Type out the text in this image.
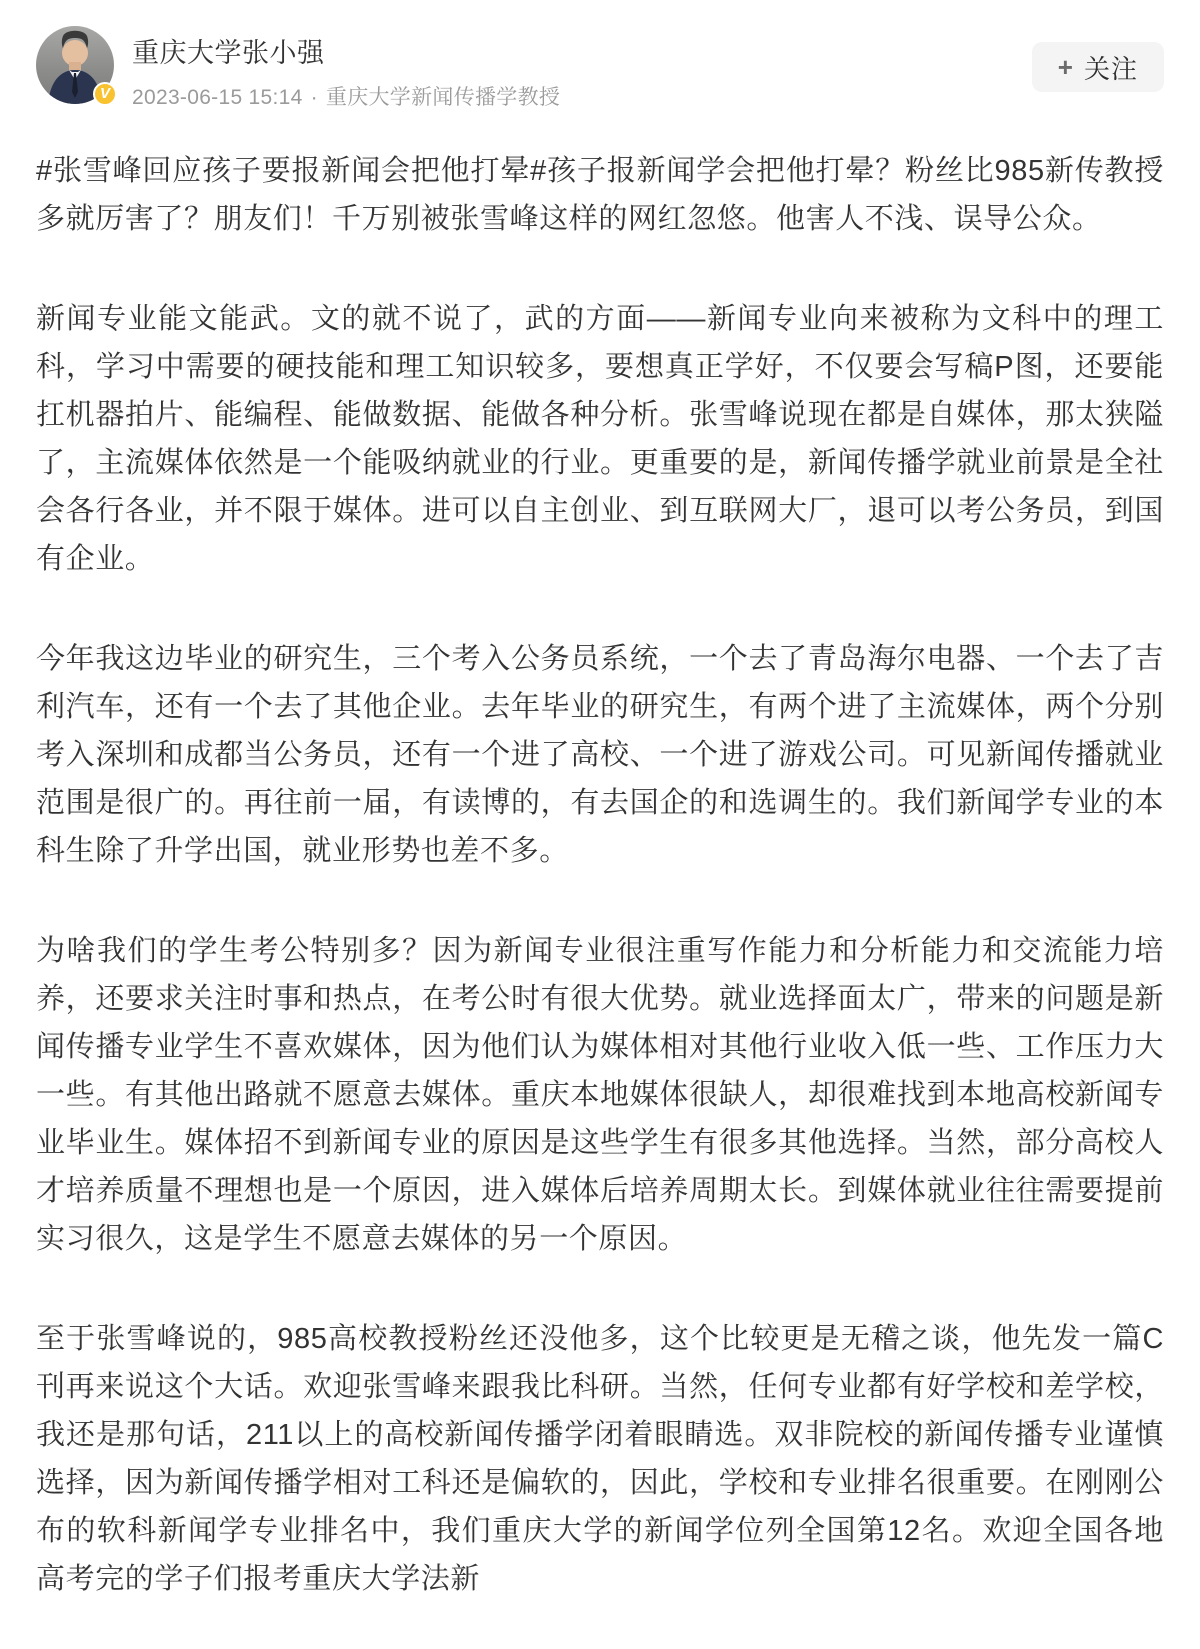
V
重庆大学张小强
2023-06-15 15:14 · 重庆大学新闻传播学教授
+ 关注

#张雪峰回应孩子要报新闻会把他打晕#孩子报新闻学会把他打晕？粉丝比985新传教授多就厉害了？朋友们！千万别被张雪峰这样的网红忽悠。他害人不浅、误导公众。

新闻专业能文能武。文的就不说了，武的方面——新闻专业向来被称为文科中的理工科，学习中需要的硬技能和理工知识较多，要想真正学好，不仅要会写稿P图，还要能扛机器拍片、能编程、能做数据、能做各种分析。张雪峰说现在都是自媒体，那太狭隘了，主流媒体依然是一个能吸纳就业的行业。更重要的是，新闻传播学就业前景是全社会各行各业，并不限于媒体。进可以自主创业、到互联网大厂，退可以考公务员，到国有企业。

今年我这边毕业的研究生，三个考入公务员系统，一个去了青岛海尔电器、一个去了吉利汽车，还有一个去了其他企业。去年毕业的研究生，有两个进了主流媒体，两个分别考入深圳和成都当公务员，还有一个进了高校、一个进了游戏公司。可见新闻传播就业范围是很广的。再往前一届，有读博的，有去国企的和选调生的。我们新闻学专业的本科生除了升学出国，就业形势也差不多。

为啥我们的学生考公特别多？因为新闻专业很注重写作能力和分析能力和交流能力培养，还要求关注时事和热点，在考公时有很大优势。就业选择面太广，带来的问题是新闻传播专业学生不喜欢媒体，因为他们认为媒体相对其他行业收入低一些、工作压力大一些。有其他出路就不愿意去媒体。重庆本地媒体很缺人，却很难找到本地高校新闻专业毕业生。媒体招不到新闻专业的原因是这些学生有很多其他选择。当然，部分高校人才培养质量不理想也是一个原因，进入媒体后培养周期太长。到媒体就业往往需要提前实习很久，这是学生不愿意去媒体的另一个原因。

至于张雪峰说的，985高校教授粉丝还没他多，这个比较更是无稽之谈，他先发一篇C刊再来说这个大话。欢迎张雪峰来跟我比科研。当然，任何专业都有好学校和差学校，我还是那句话，211以上的高校新闻传播学闭着眼睛选。双非院校的新闻传播专业谨慎选择，因为新闻传播学相对工科还是偏软的，因此，学校和专业排名很重要。在刚刚公布的软科新闻学专业排名中，我们重庆大学的新闻学位列全国第12名。欢迎全国各地高考完的学子们报考重庆大学法新
